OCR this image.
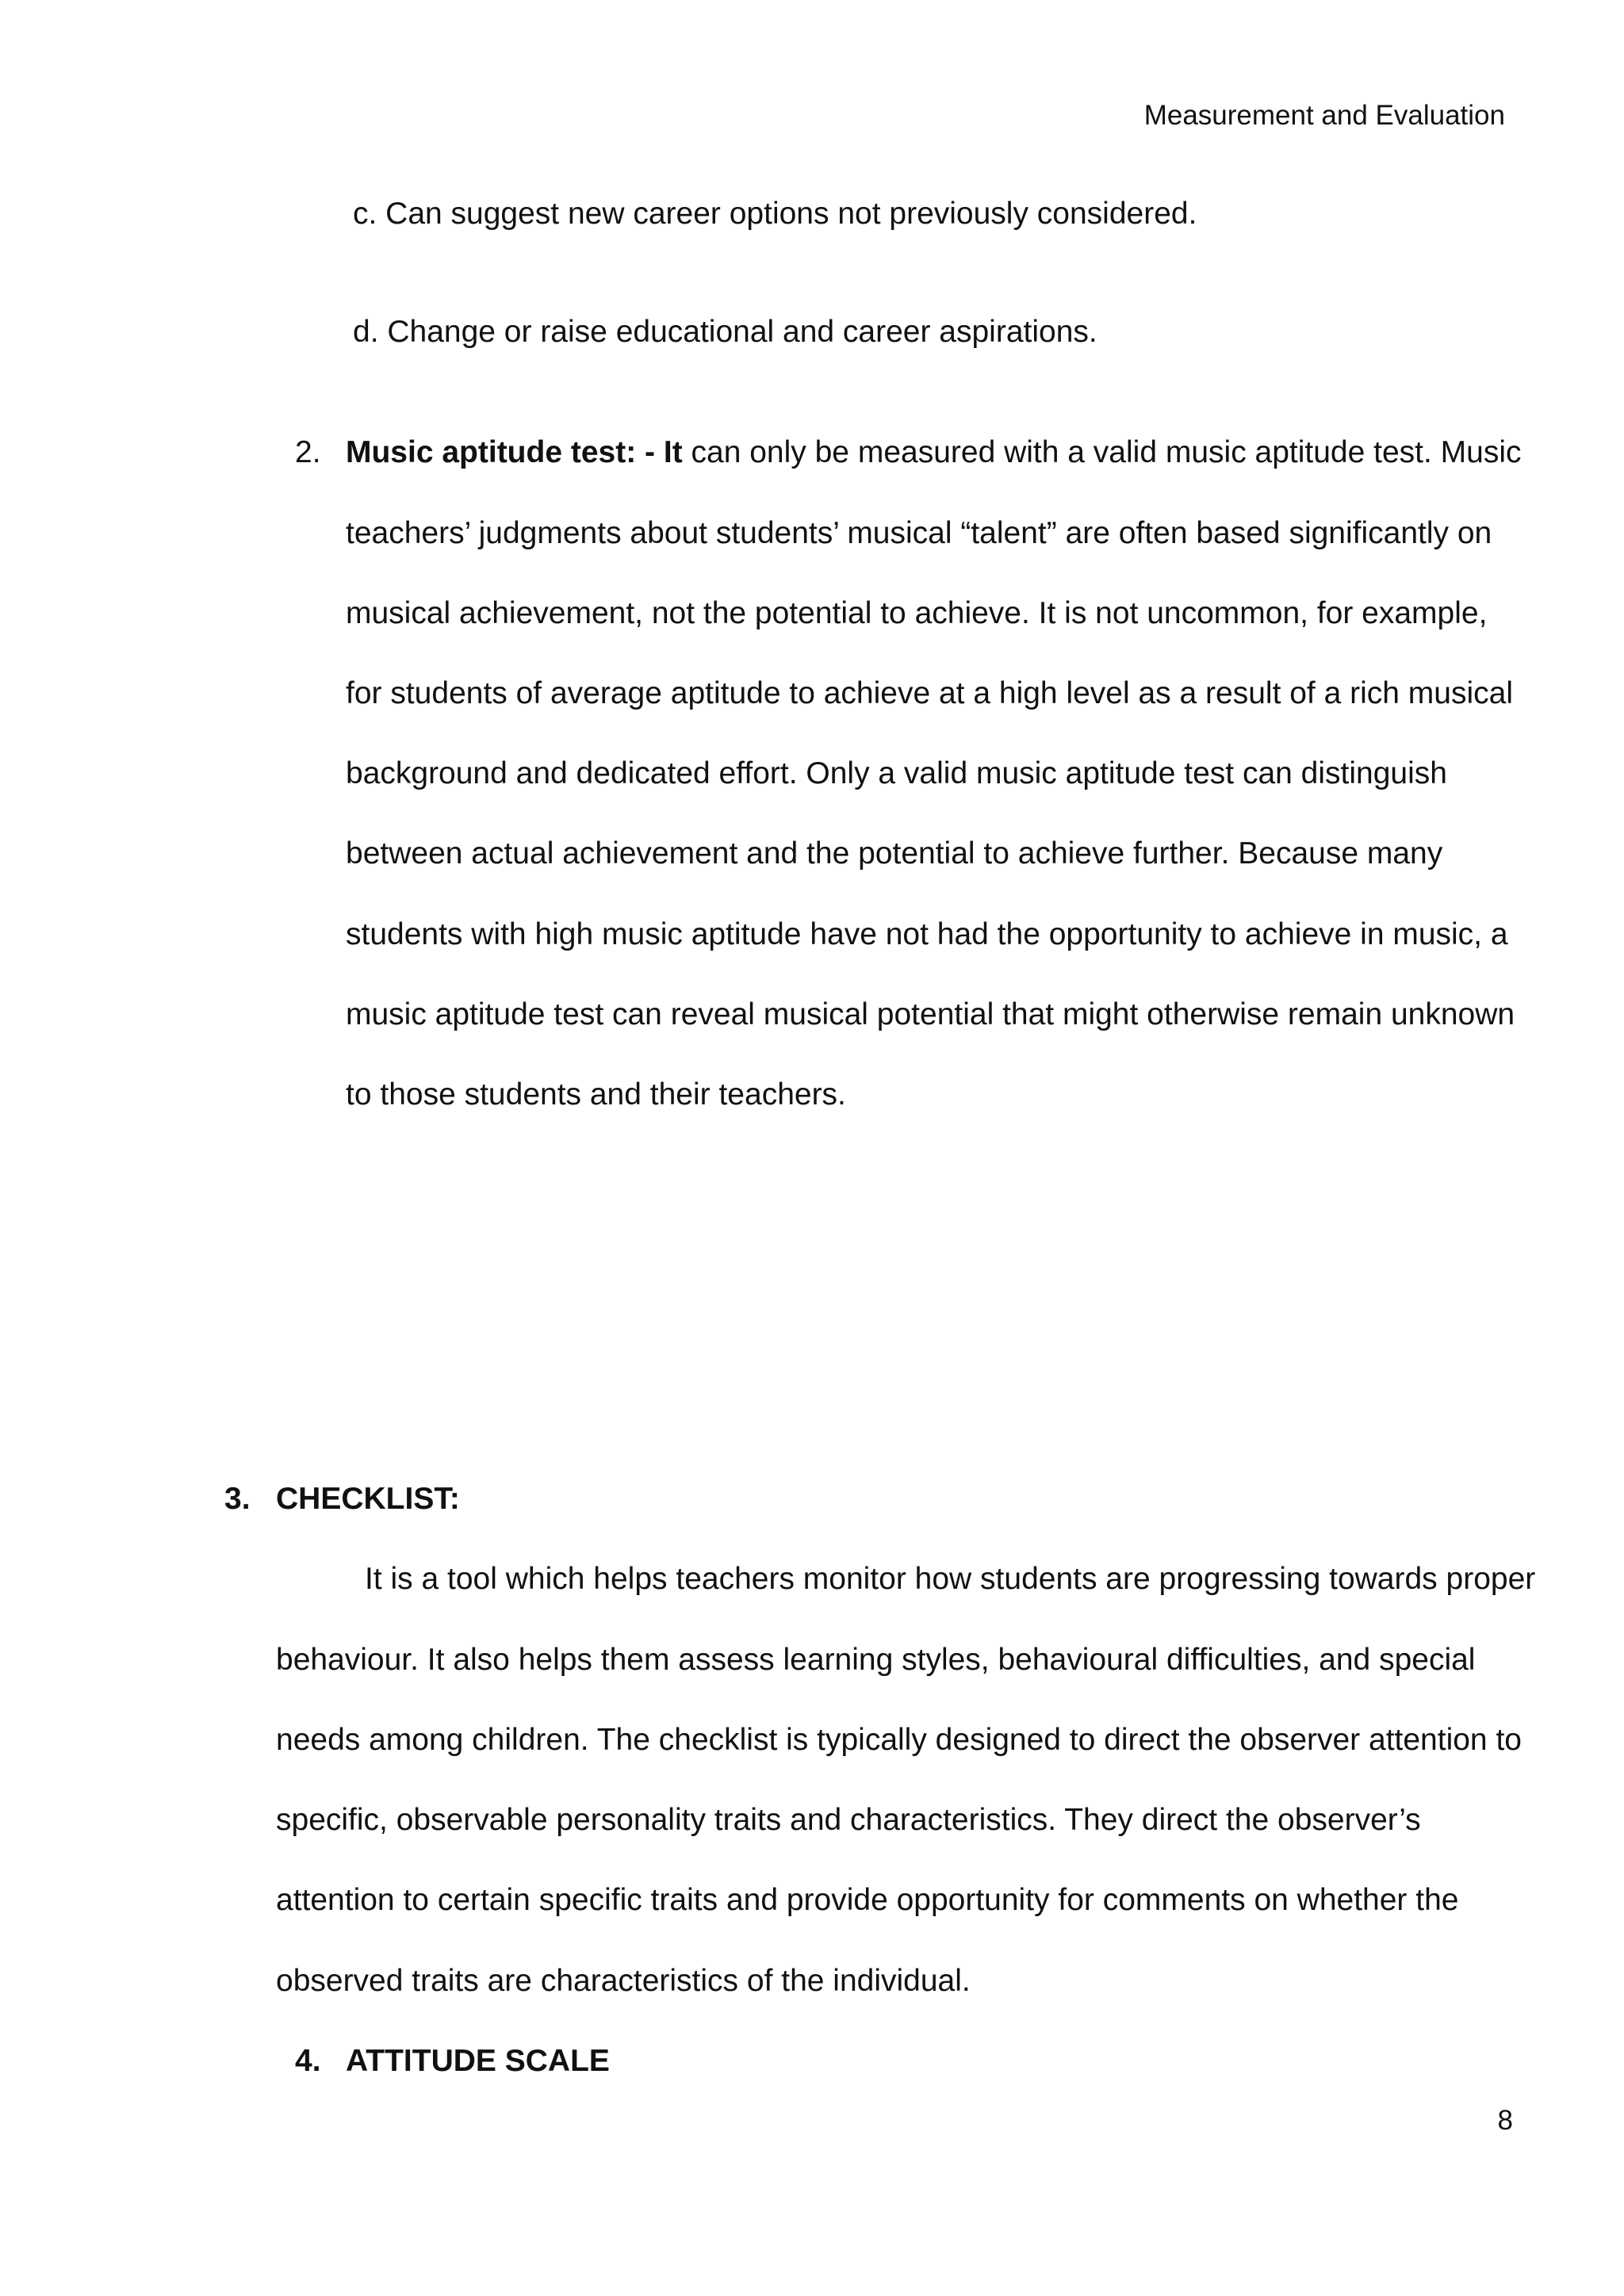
Measurement and Evaluation
c. Can suggest new career options not previously considered.
d. Change or raise educational and career aspirations.
2. Music aptitude test: - It can only be measured with a valid music aptitude test. Music
teachers’ judgments about students’ musical “talent” are often based significantly on
musical achievement, not the potential to achieve. It is not uncommon, for example,
for students of average aptitude to achieve at a high level as a result of a rich musical
background and dedicated effort. Only a valid music aptitude test can distinguish
between actual achievement and the potential to achieve further. Because many
students with high music aptitude have not had the opportunity to achieve in music, a
music aptitude test can reveal musical potential that might otherwise remain unknown
to those students and their teachers.
3. CHECKLIST:
It is a tool which helps teachers monitor how students are progressing towards proper
behaviour. It also helps them assess learning styles, behavioural difficulties, and special
needs among children. The checklist is typically designed to direct the observer attention to
specific, observable personality traits and characteristics. They direct the observer’s
attention to certain specific traits and provide opportunity for comments on whether the
observed traits are characteristics of the individual.
4. ATTITUDE SCALE
8
